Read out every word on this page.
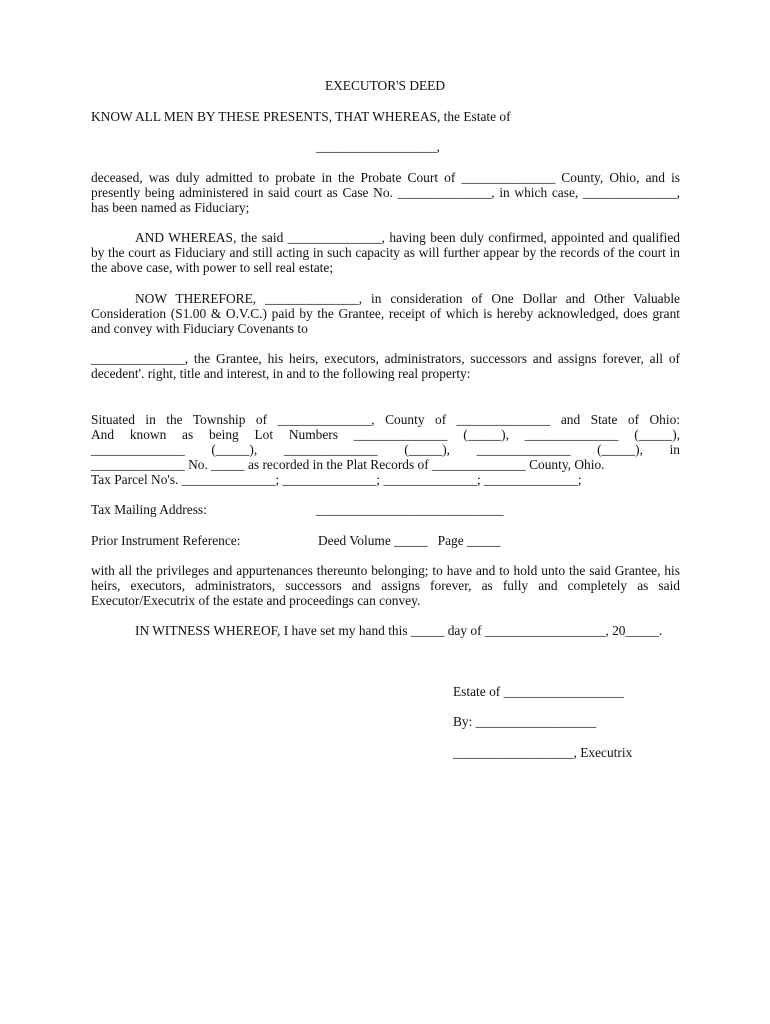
EXECUTOR'S DEED
KNOW ALL MEN BY THESE PRESENTS, THAT WHEREAS, the Estate of
__________________,

deceased, was duly admitted to probate in the Probate Court of ______________ County, Ohio, and is presently being administered in said court as Case No. ______________, in which case, ______________, has been named as Fiduciary;

AND WHEREAS, the said ______________, having been duly confirmed, appointed and qualified by the court as Fiduciary and still acting in such capacity as will further appear by the records of the court in the above case, with power to sell real estate;

NOW THEREFORE, ______________, in consideration of One Dollar and Other Valuable Consideration (S1.00 & O.V.C.) paid by the Grantee, receipt of which is hereby acknowledged, does grant and convey with Fiduciary Covenants to

______________, the Grantee, his heirs, executors, administrators, successors and assigns forever, all of decedent'. right, title and interest, in and to the following real property:

Situated in the Township of ______________, County of ______________ and State of Ohio:
And known as being Lot Numbers ______________ (_____), ______________ (_____),
______________ (_____), ______________ (_____), ______________ (_____), in
______________ No. _____ as recorded in the Plat Records of ______________ County, Ohio.
Tax Parcel No's. ______________; ______________; ______________; ______________;
Tax Mailing Address:	____________________________
Prior Instrument Reference:	Deed Volume _____   Page _____

with all the privileges and appurtenances thereunto belonging; to have and to hold unto the said Grantee, his heirs, executors, administrators, successors and assigns forever, as fully and completely as said Executor/Executrix of the estate and proceedings can convey.

IN WITNESS WHEREOF, I have set my hand this _____ day of __________________, 20_____.

Estate of __________________
By: __________________
__________________, Executrix
